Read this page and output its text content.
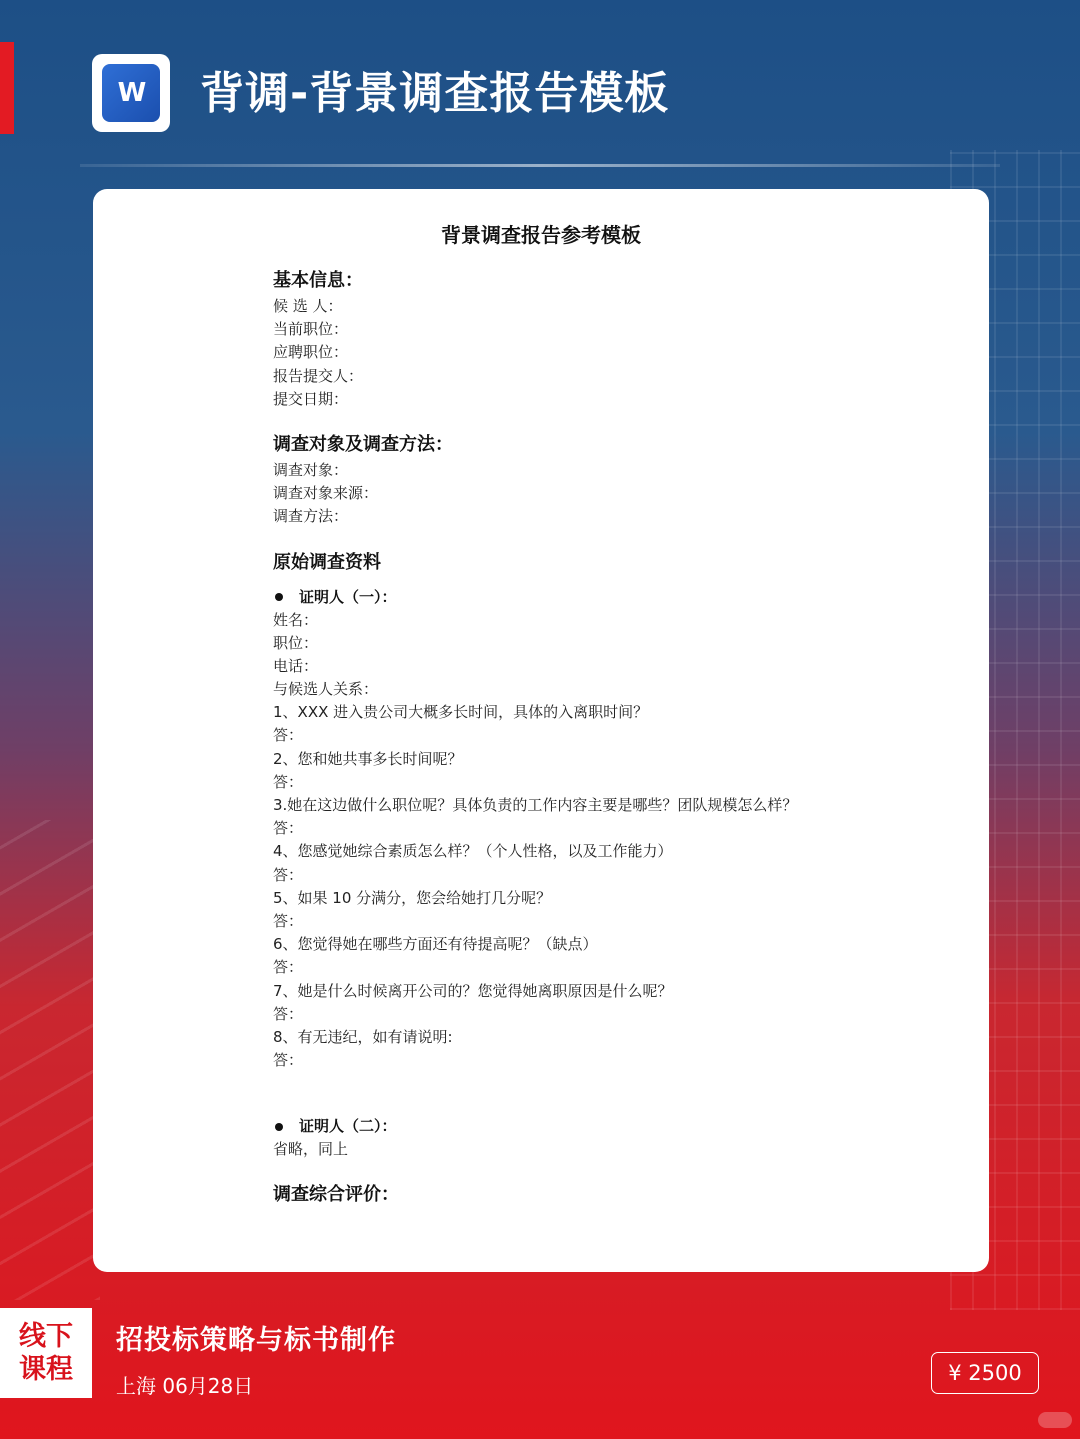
W	背调-背景调查报告模板
背景调查报告参考模板
基本信息：
候 选 人：
当前职位：
应聘职位：
报告提交人：
提交日期：
调查对象及调查方法：
调查对象：
调查对象来源：
调查方法：
原始调查资料
证明人（一）：
姓名：
职位：
电话：
与候选人关系：
1、XXX 进入贵公司大概多长时间，具体的入离职时间？
答：
2、您和她共事多长时间呢？
答：
3.她在这边做什么职位呢？具体负责的工作内容主要是哪些？团队规模怎么样？
答：
4、您感觉她综合素质怎么样？（个人性格，以及工作能力）
答：
5、如果 10 分满分，您会给她打几分呢？
答：
6、您觉得她在哪些方面还有待提高呢？（缺点）
答：
7、她是什么时候离开公司的？您觉得她离职原因是什么呢？
答：
8、有无违纪，如有请说明:
答：
证明人（二）：
省略，同上
调查综合评价：
线下
课程
招投标策略与标书制作
上海 06月28日
¥ 2500
